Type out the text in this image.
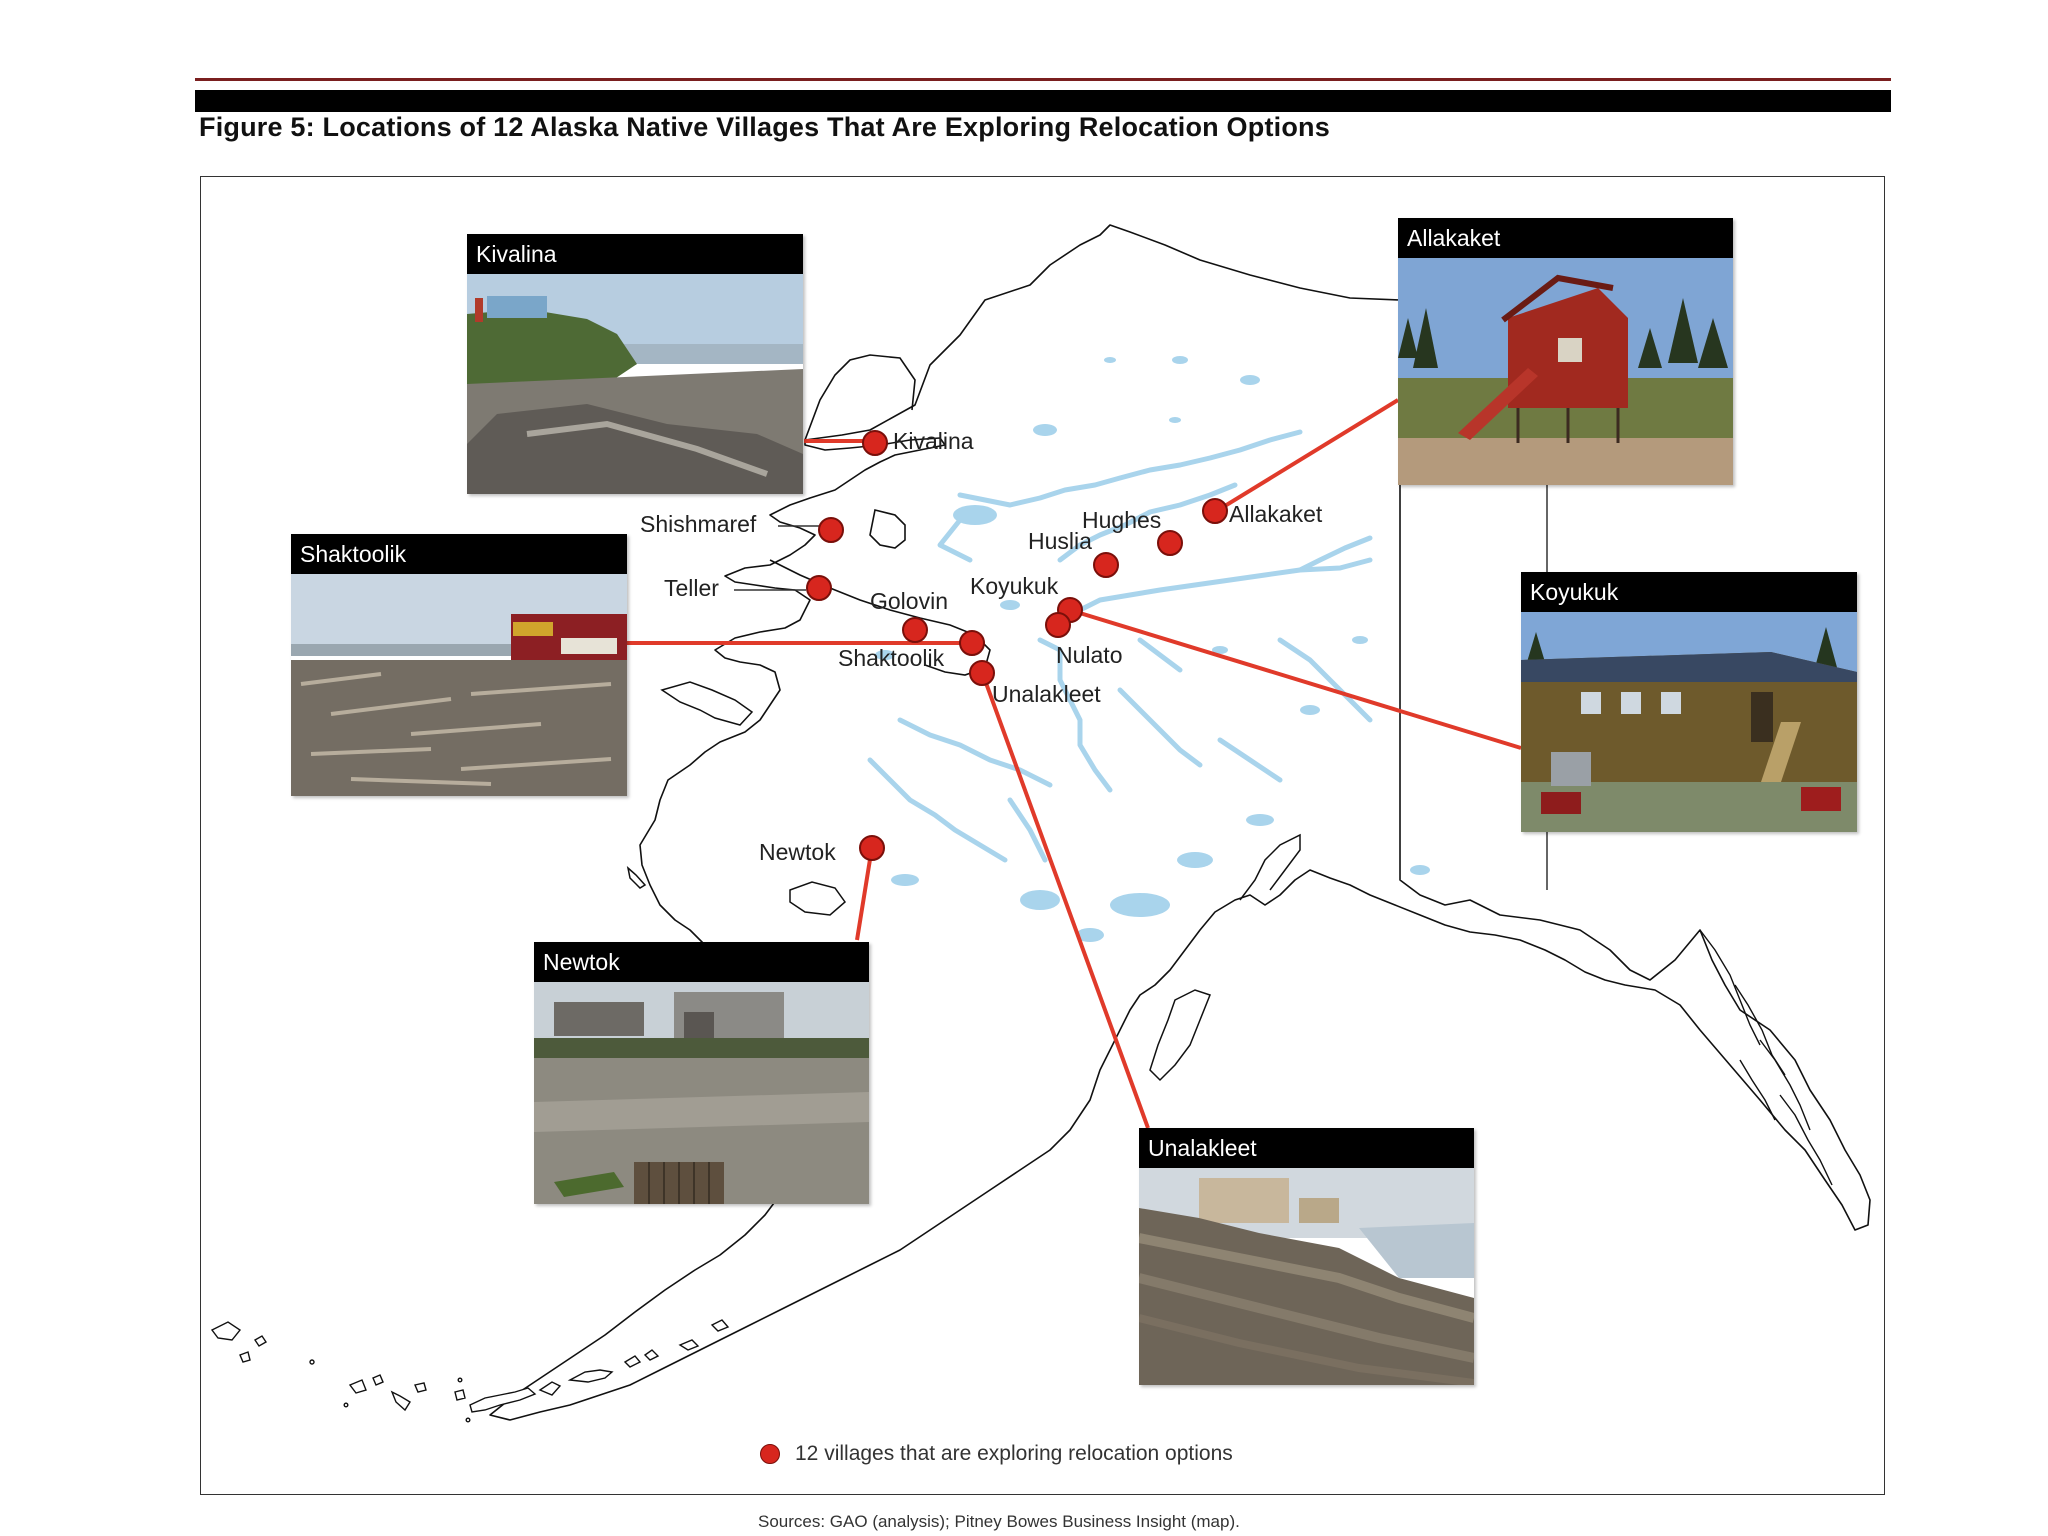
Figure 5: Locations of 12 Alaska Native Villages That Are Exploring Relocation Options
Kivalina
Shishmaref
Teller	Golovin
Shaktoolik
Unalakleet
Koyukuk
Nulato
Huslia
Hughes	Allakaket
Newtok
Kivalina
Shaktoolik
Newtok
Allakaket
Koyukuk
Unalakleet
12 villages that are exploring relocation options
Sources: GAO (analysis); Pitney Bowes Business Insight (map).
